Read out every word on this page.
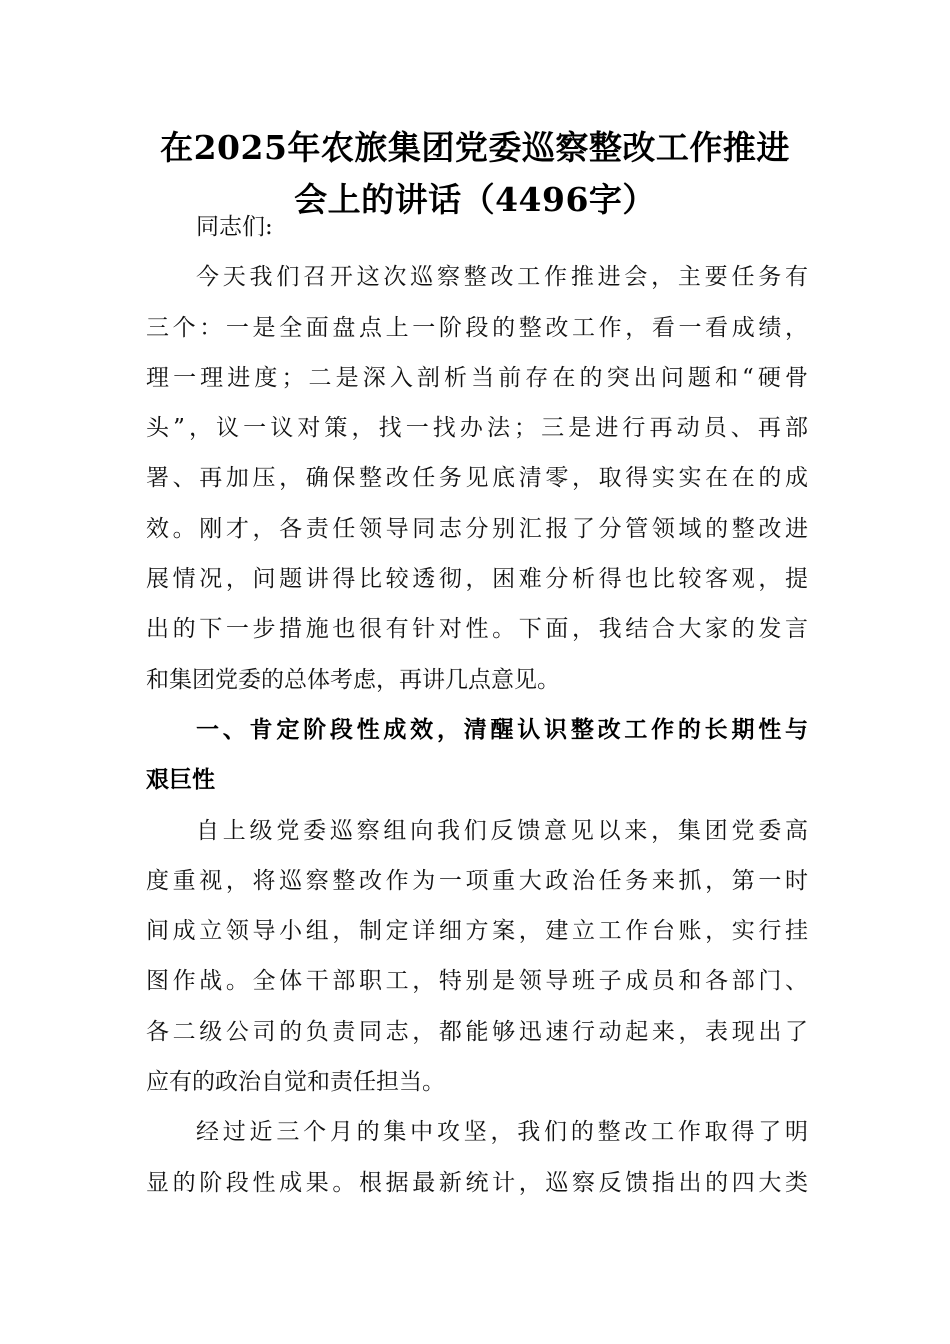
在2025年农旅集团党委巡察整改工作推进
会上的讲话（4496字）
同志们:
今天我们召开这次巡察整改工作推进会，主要任务有
三个：一是全面盘点上一阶段的整改工作，看一看成绩，
理一理进度；二是深入剖析当前存在的突出问题和“硬骨
头”，议一议对策，找一找办法；三是进行再动员、再部
署、再加压，确保整改任务见底清零，取得实实在在的成
效。刚才，各责任领导同志分别汇报了分管领域的整改进
展情况，问题讲得比较透彻，困难分析得也比较客观，提
出的下一步措施也很有针对性。下面，我结合大家的发言
和集团党委的总体考虑，再讲几点意见。
一、肯定阶段性成效，清醒认识整改工作的长期性与
艰巨性
自上级党委巡察组向我们反馈意见以来，集团党委高
度重视，将巡察整改作为一项重大政治任务来抓，第一时
间成立领导小组，制定详细方案，建立工作台账，实行挂
图作战。全体干部职工，特别是领导班子成员和各部门、
各二级公司的负责同志，都能够迅速行动起来，表现出了
应有的政治自觉和责任担当。
经过近三个月的集中攻坚，我们的整改工作取得了明
显的阶段性成果。根据最新统计，巡察反馈指出的四大类
